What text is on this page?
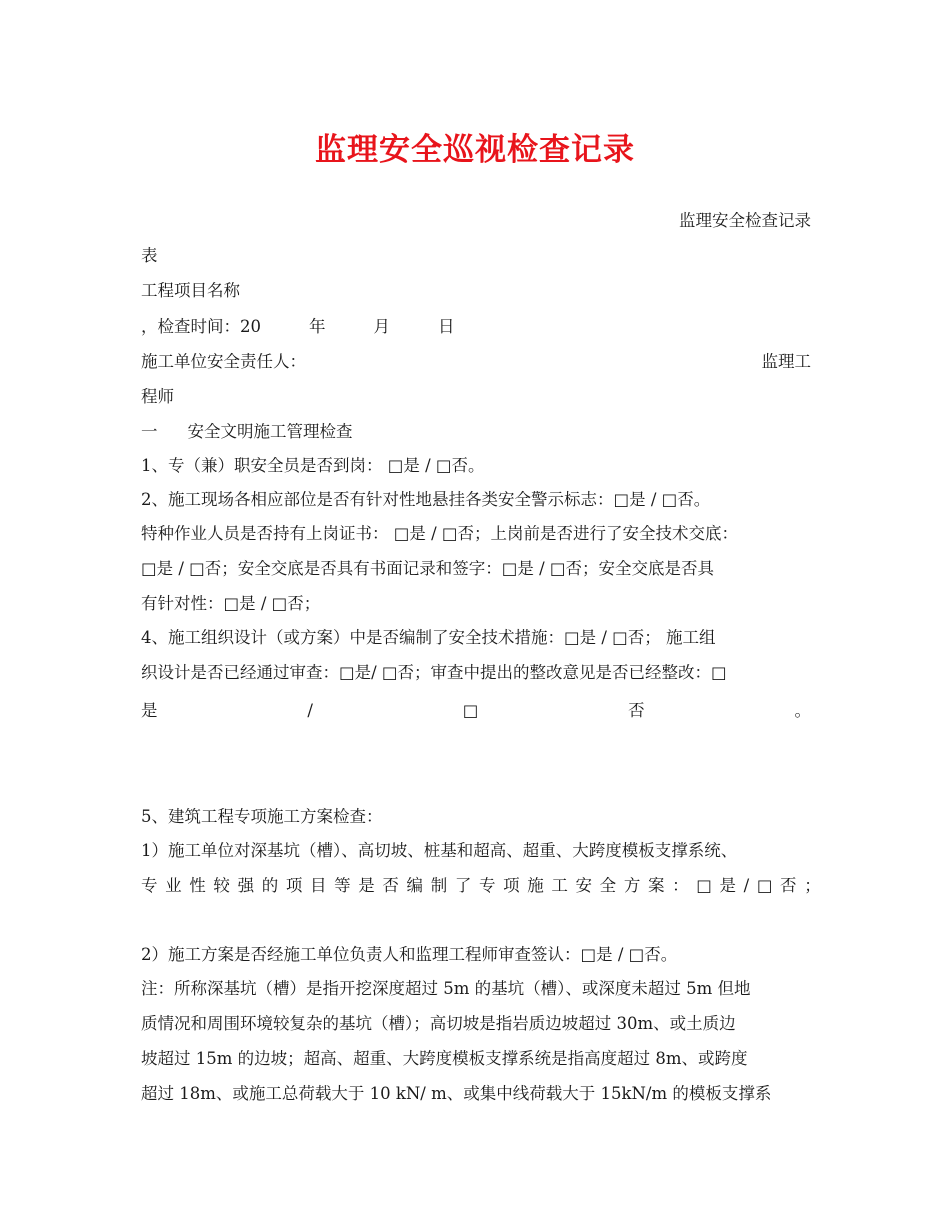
监理安全巡视检查记录
监理安全检查记录
表
工程项目名称
，检查时间：20	年	月	日
施工单位安全责任人：	监理工
程师
一 安全文明施工管理检查
1、专（兼）职安全员是否到岗： □是 / □否。
2、施工现场各相应部位是否有针对性地悬挂各类安全警示标志：□是 / □否。
特种作业人员是否持有上岗证书： □是 / □否；上岗前是否进行了安全技术交底：
□是 / □否；安全交底是否具有书面记录和签字：□是 / □否；安全交底是否具
有针对性：□是 / □否；
4、施工组织设计（或方案）中是否编制了安全技术措施：□是 / □否； 施工组
织设计是否已经通过审查：□是/ □否；审查中提出的整改意见是否已经整改：□
是	/	□	否	。
5、建筑工程专项施工方案检查：
1）施工单位对深基坑（槽）、高切坡、桩基和超高、超重、大跨度模板支撑系统、
专 业 性 较 强 的 项 目 等 是 否 编 制 了 专 项 施 工 安 全 方 案 ： □ 是 / □ 否 ；
2）施工方案是否经施工单位负责人和监理工程师审查签认：□是 / □否。
注：所称深基坑（槽）是指开挖深度超过 5m 的基坑（槽）、或深度未超过 5m 但地
质情况和周围环境较复杂的基坑（槽）；高切坡是指岩质边坡超过 30m、或土质边
坡超过 15m 的边坡；超高、超重、大跨度模板支撑系统是指高度超过 8m、或跨度
超过 18m、或施工总荷载大于 10 kN/ m、或集中线荷载大于 15kN/m 的模板支撑系
